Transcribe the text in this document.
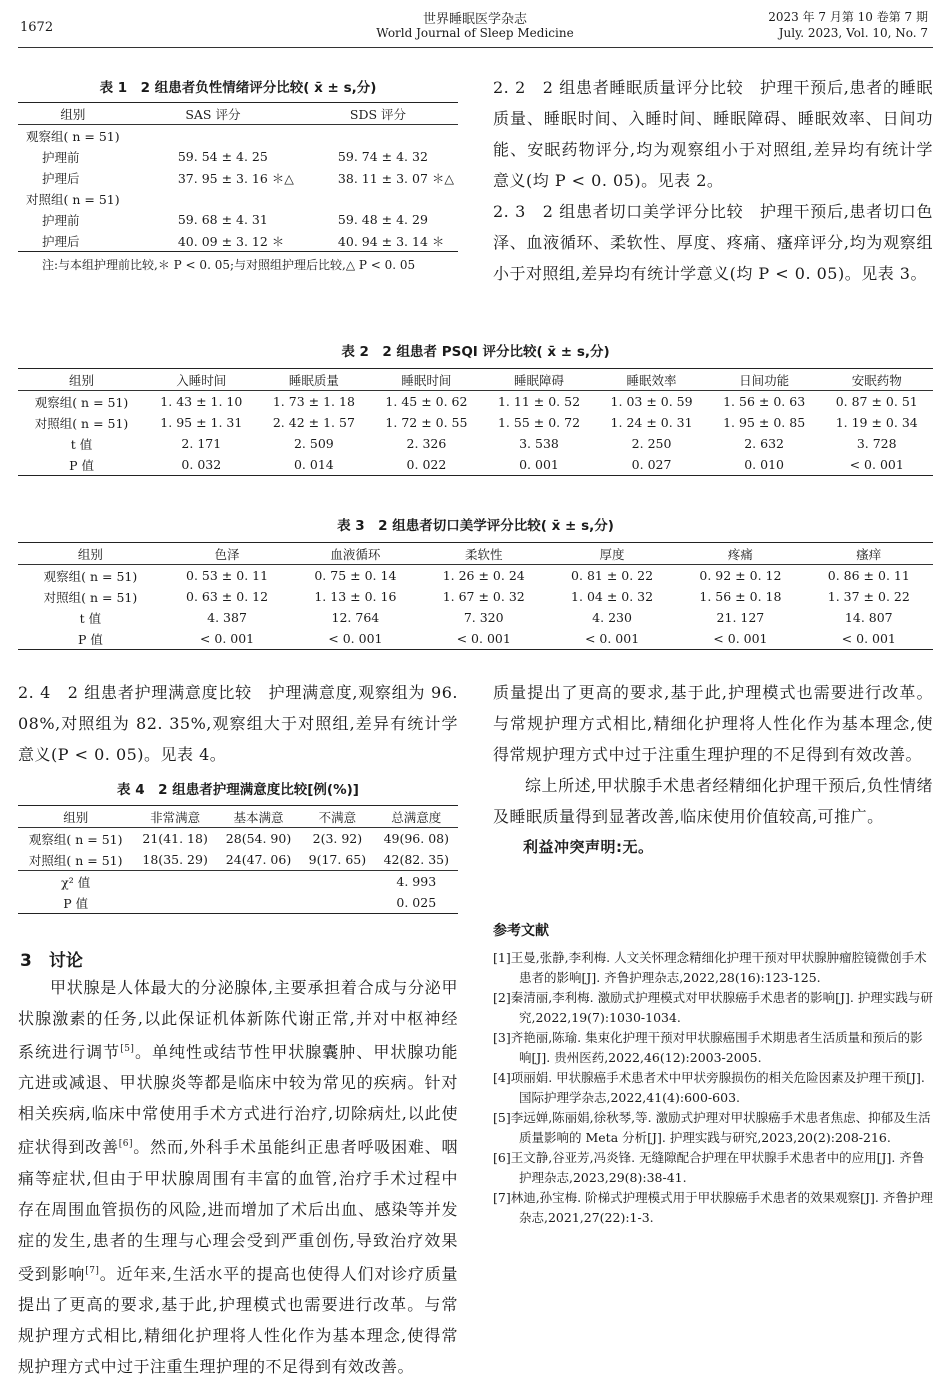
1672
世界睡眠医学杂志
World Journal of Sleep Medicine
2023 年 7 月第 10 卷第 7 期
July. 2023, Vol. 10, No. 7
表 1　2 组患者负性情绪评分比较( x̄ ± s,分)
组别	SAS 评分	SDS 评分
观察组( n = 51)		
护理前	59. 54 ± 4. 25	59. 74 ± 4. 32
护理后	37. 95 ± 3. 16 ＊△	38. 11 ± 3. 07 ＊△
对照组( n = 51)		
护理前	59. 68 ± 4. 31	59. 48 ± 4. 29
护理后	40. 09 ± 3. 12 ＊	40. 94 ± 3. 14 ＊
注:与本组护理前比较,＊ P < 0. 05;与对照组护理后比较,△ P < 0. 05
2. 2　2 组患者睡眠质量评分比较　护理干预后,患者的睡眠质量、睡眠时间、入睡时间、睡眠障碍、睡眠效率、日间功能、安眠药物评分,均为观察组小于对照组,差异均有统计学意义(均 P < 0. 05)。见表 2。
2. 3　2 组患者切口美学评分比较　护理干预后,患者切口色泽、血液循环、柔软性、厚度、疼痛、瘙痒评分,均为观察组小于对照组,差异均有统计学意义(均 P < 0. 05)。见表 3。
表 2　2 组患者 PSQI 评分比较( x̄ ± s,分)
组别	入睡时间	睡眠质量	睡眠时间	睡眠障碍	睡眠效率	日间功能	安眠药物
观察组( n = 51)	1. 43 ± 1. 10	1. 73 ± 1. 18	1. 45 ± 0. 62	1. 11 ± 0. 52	1. 03 ± 0. 59	1. 56 ± 0. 63	0. 87 ± 0. 51
对照组( n = 51)	1. 95 ± 1. 31	2. 42 ± 1. 57	1. 72 ± 0. 55	1. 55 ± 0. 72	1. 24 ± 0. 31	1. 95 ± 0. 85	1. 19 ± 0. 34
t 值	2. 171	2. 509	2. 326	3. 538	2. 250	2. 632	3. 728
P 值	0. 032	0. 014	0. 022	0. 001	0. 027	0. 010	< 0. 001
表 3　2 组患者切口美学评分比较( x̄ ± s,分)
组别	色泽	血液循环	柔软性	厚度	疼痛	瘙痒
观察组( n = 51)	0. 53 ± 0. 11	0. 75 ± 0. 14	1. 26 ± 0. 24	0. 81 ± 0. 22	0. 92 ± 0. 12	0. 86 ± 0. 11
对照组( n = 51)	0. 63 ± 0. 12	1. 13 ± 0. 16	1. 67 ± 0. 32	1. 04 ± 0. 32	1. 56 ± 0. 18	1. 37 ± 0. 22
t 值	4. 387	12. 764	7. 320	4. 230	21. 127	14. 807
P 值	< 0. 001	< 0. 001	< 0. 001	< 0. 001	< 0. 001	< 0. 001
2. 4　2 组患者护理满意度比较　护理满意度,观察组为 96. 08%,对照组为 82. 35%,观察组大于对照组,差异有统计学意义(P < 0. 05)。见表 4。
表 4　2 组患者护理满意度比较[例(%)]
组别	非常满意	基本满意	不满意	总满意度
观察组( n = 51)	21(41. 18)	28(54. 90)	2(3. 92)	49(96. 08)
对照组( n = 51)	18(35. 29)	24(47. 06)	9(17. 65)	42(82. 35)
χ² 值				4. 993
P 值				0. 025
3　讨论
甲状腺是人体最大的分泌腺体,主要承担着合成与分泌甲状腺激素的任务,以此保证机体新陈代谢正常,并对中枢神经系统进行调节[5]。单纯性或结节性甲状腺囊肿、甲状腺功能亢进或减退、甲状腺炎等都是临床中较为常见的疾病。针对相关疾病,临床中常使用手术方式进行治疗,切除病灶,以此使症状得到改善[6]。然而,外科手术虽能纠正患者呼吸困难、咽痛等症状,但由于甲状腺周围有丰富的血管,治疗手术过程中存在周围血管损伤的风险,进而增加了术后出血、感染等并发症的发生,患者的生理与心理会受到严重创伤,导致治疗效果受到影响[7]。近年来,生活水平的提高也使得人们对诊疗质量提出了更高的要求,基于此,护理模式也需要进行改革。与常规护理方式相比,精细化护理将人性化作为基本理念,使得常规护理方式中过于注重生理护理的不足得到有效改善。
质量提出了更高的要求,基于此,护理模式也需要进行改革。与常规护理方式相比,精细化护理将人性化作为基本理念,使得常规护理方式中过于注重生理护理的不足得到有效改善。
综上所述,甲状腺手术患者经精细化护理干预后,负性情绪及睡眠质量得到显著改善,临床使用价值较高,可推广。
利益冲突声明:无。
参考文献
[1]王曼,张静,李利梅. 人文关怀理念精细化护理干预对甲状腺肿瘤腔镜微创手术患者的影响[J]. 齐鲁护理杂志,2022,28(16):123-125.
[2]秦清丽,李利梅. 激励式护理模式对甲状腺癌手术患者的影响[J]. 护理实践与研究,2022,19(7):1030-1034.
[3]齐艳丽,陈瑜. 集束化护理干预对甲状腺癌围手术期患者生活质量和预后的影响[J]. 贵州医药,2022,46(12):2003-2005.
[4]项丽娟. 甲状腺癌手术患者术中甲状旁腺损伤的相关危险因素及护理干预[J]. 国际护理学杂志,2022,41(4):600-603.
[5]李远婵,陈丽娟,徐秋琴,等. 激励式护理对甲状腺癌手术患者焦虑、抑郁及生活质量影响的 Meta 分析[J]. 护理实践与研究,2023,20(2):208-216.
[6]王文静,谷亚芳,冯炎锋. 无缝隙配合护理在甲状腺手术患者中的应用[J]. 齐鲁护理杂志,2023,29(8):38-41.
[7]林迪,孙宝梅. 阶梯式护理模式用于甲状腺癌手术患者的效果观察[J]. 齐鲁护理杂志,2021,27(22):1-3.
